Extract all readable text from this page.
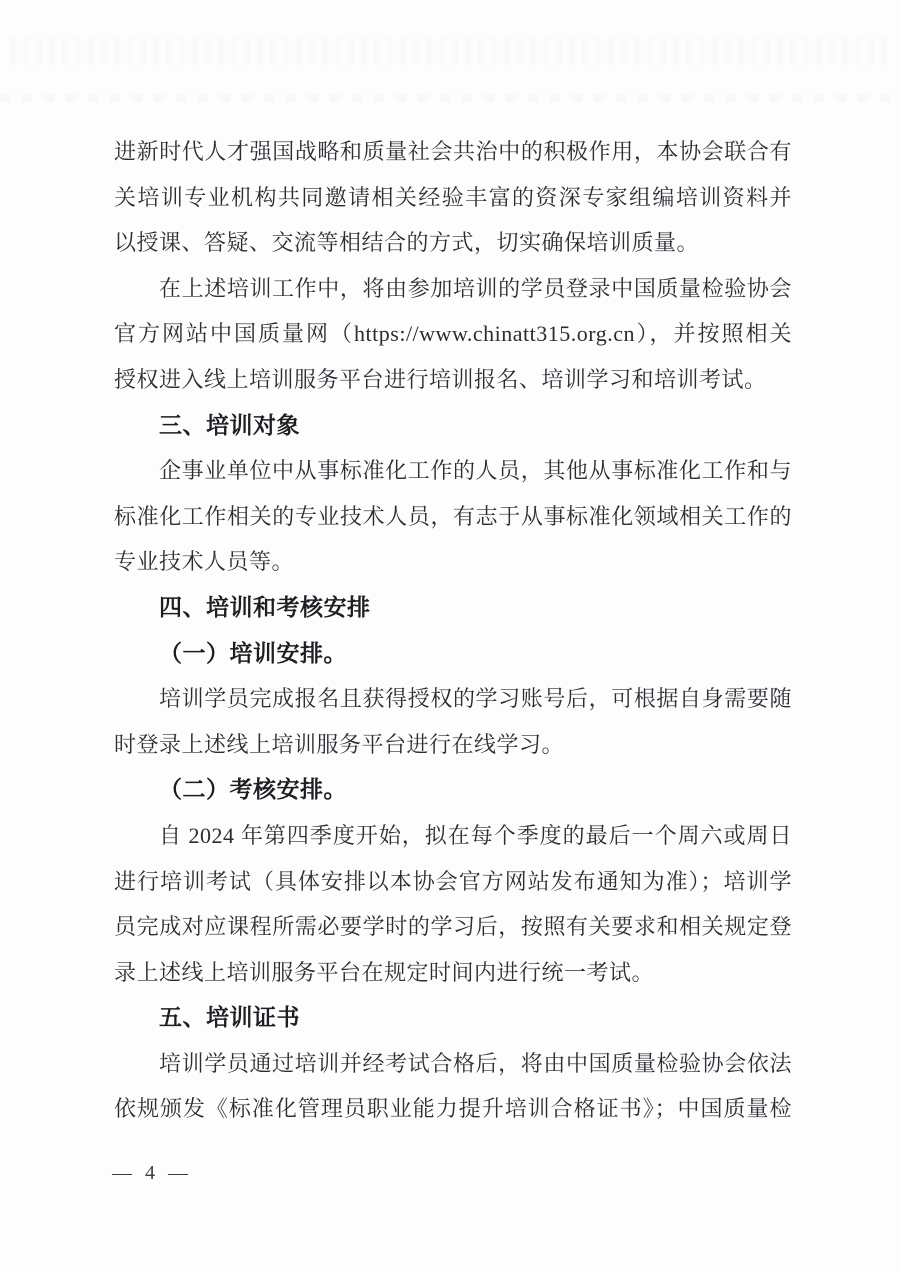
进新时代人才强国战略和质量社会共治中的积极作用，本协会联合有
关培训专业机构共同邀请相关经验丰富的资深专家组编培训资料并
以授课、答疑、交流等相结合的方式，切实确保培训质量。
在上述培训工作中，将由参加培训的学员登录中国质量检验协会
官方网站中国质量网（https://www.chinatt315.org.cn），并按照相关
授权进入线上培训服务平台进行培训报名、培训学习和培训考试。
三、培训对象
企事业单位中从事标准化工作的人员，其他从事标准化工作和与
标准化工作相关的专业技术人员，有志于从事标准化领域相关工作的
专业技术人员等。
四、培训和考核安排
（一）培训安排。
培训学员完成报名且获得授权的学习账号后，可根据自身需要随
时登录上述线上培训服务平台进行在线学习。
（二）考核安排。
自 2024 年第四季度开始，拟在每个季度的最后一个周六或周日
进行培训考试（具体安排以本协会官方网站发布通知为准）；培训学
员完成对应课程所需必要学时的学习后，按照有关要求和相关规定登
录上述线上培训服务平台在规定时间内进行统一考试。
五、培训证书
培训学员通过培训并经考试合格后，将由中国质量检验协会依法
依规颁发《标准化管理员职业能力提升培训合格证书》；中国质量检
— 4 —
